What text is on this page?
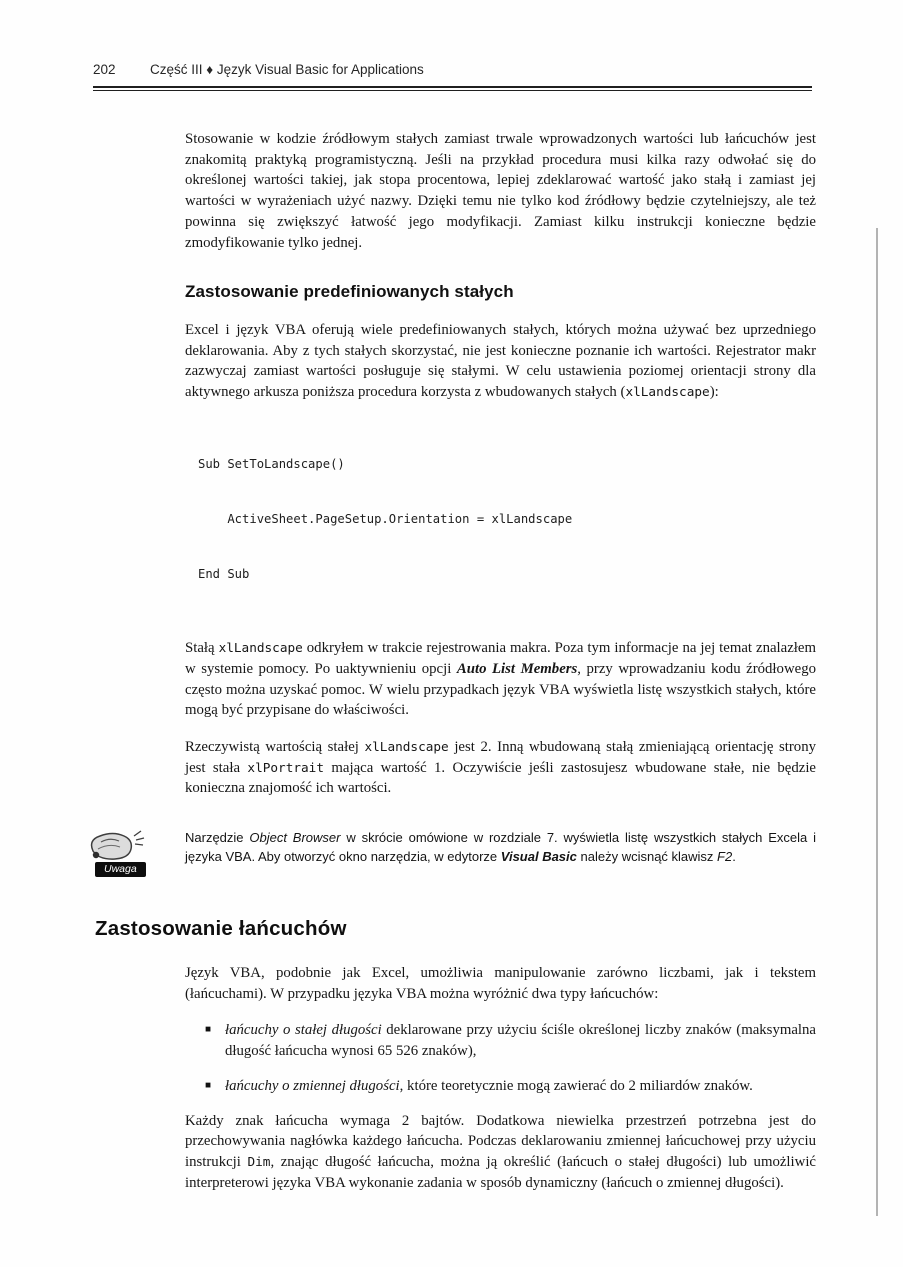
202	Część III ♦ Język Visual Basic for Applications

Stosowanie w kodzie źródłowym stałych zamiast trwale wprowadzonych wartości lub łańcuchów jest znakomitą praktyką programistyczną. Jeśli na przykład procedura musi kilka razy odwołać się do określonej wartości takiej, jak stopa procentowa, lepiej zdeklarować wartość jako stałą i zamiast jej wartości w wyrażeniach użyć nazwy. Dzięki temu nie tylko kod źródłowy będzie czytelniejszy, ale też powinna się zwiększyć łatwość jego modyfikacji. Zamiast kilku instrukcji konieczne będzie zmodyfikowanie tylko jednej.

Zastosowanie predefiniowanych stałych

Excel i język VBA oferują wiele predefiniowanych stałych, których można używać bez uprzedniego deklarowania. Aby z tych stałych skorzystać, nie jest konieczne poznanie ich wartości. Rejestrator makr zazwyczaj zamiast wartości posługuje się stałymi. W celu ustawienia poziomej orientacji strony dla aktywnego arkusza poniższa procedura korzysta z wbudowanych stałych (xlLandscape):

Sub SetToLandscape()

ActiveSheet.PageSetup.Orientation = xlLandscape

End Sub

Stałą xlLandscape odkryłem w trakcie rejestrowania makra. Poza tym informacje na jej temat znalazłem w systemie pomocy. Po uaktywnieniu opcji Auto List Members, przy wprowadzaniu kodu źródłowego często można uzyskać pomoc. W wielu przypadkach język VBA wyświetla listę wszystkich stałych, które mogą być przypisane do właściwości.

Rzeczywistą wartością stałej xlLandscape jest 2. Inną wbudowaną stałą zmieniającą orientację strony jest stała xlPortrait mająca wartość 1. Oczywiście jeśli zastosujesz wbudowane stałe, nie będzie konieczna znajomość ich wartości.

Uwaga

Narzędzie Object Browser w skrócie omówione w rozdziale 7. wyświetla listę wszystkich stałych Excela i języka VBA. Aby otworzyć okno narzędzia, w edytorze Visual Basic należy wcisnąć klawisz F2.

Zastosowanie łańcuchów

Język VBA, podobnie jak Excel, umożliwia manipulowanie zarówno liczbami, jak i tekstem (łańcuchami). W przypadku języka VBA można wyróżnić dwa typy łańcuchów:

■ łańcuchy o stałej długości deklarowane przy użyciu ściśle określonej liczby znaków (maksymalna długość łańcucha wynosi 65 526 znaków),
■ łańcuchy o zmiennej długości, które teoretycznie mogą zawierać do 2 miliardów znaków.

Każdy znak łańcucha wymaga 2 bajtów. Dodatkowa niewielka przestrzeń potrzebna jest do przechowywania nagłówka każdego łańcucha. Podczas deklarowaniu zmiennej łańcuchowej przy użyciu instrukcji Dim, znając długość łańcucha, można ją określić (łańcuch o stałej długości) lub umożliwić interpreterowi języka VBA wykonanie zadania w sposób dynamiczny (łańcuch o zmiennej długości).
